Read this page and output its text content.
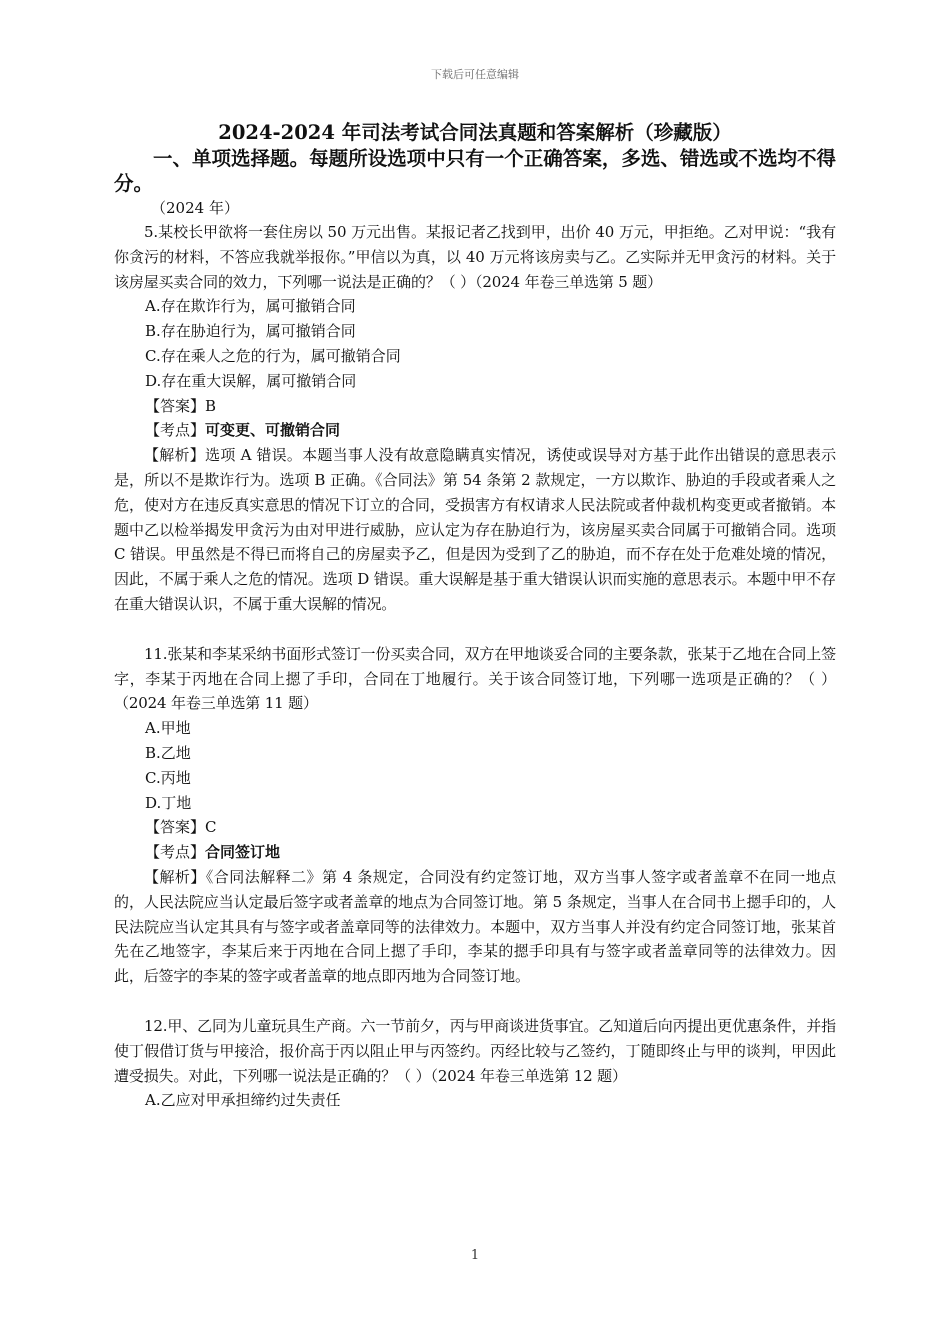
下载后可任意编辑

2024-2024 年司法考试合同法真题和答案解析（珍藏版）

一、单项选择题。每题所设选项中只有一个正确答案，多选、错选或不选均不得分。

（2024 年）

5.某校长甲欲将一套住房以 50 万元出售。某报记者乙找到甲，出价 40 万元，甲拒绝。乙对甲说：“我有你贪污的材料，不答应我就举报你。”甲信以为真，以 40 万元将该房卖与乙。乙实际并无甲贪污的材料。关于该房屋买卖合同的效力，下列哪一说法是正确的？（ ）（2024 年卷三单选第 5 题）

A.存在欺诈行为，属可撤销合同

B.存在胁迫行为，属可撤销合同

C.存在乘人之危的行为，属可撤销合同

D.存在重大误解，属可撤销合同

【答案】B

【考点】可变更、可撤销合同

【解析】选项 A 错误。本题当事人没有故意隐瞒真实情况，诱使或误导对方基于此作出错误的意思表示是，所以不是欺诈行为。选项 B 正确。《合同法》第 54 条第 2 款规定，一方以欺诈、胁迫的手段或者乘人之危，使对方在违反真实意思的情况下订立的合同，受损害方有权请求人民法院或者仲裁机构变更或者撤销。本题中乙以检举揭发甲贪污为由对甲进行威胁，应认定为存在胁迫行为，该房屋买卖合同属于可撤销合同。选项 C 错误。甲虽然是不得已而将自己的房屋卖予乙，但是因为受到了乙的胁迫，而不存在处于危难处境的情况，因此，不属于乘人之危的情况。选项 D 错误。重大误解是基于重大错误认识而实施的意思表示。本题中甲不存在重大错误认识，不属于重大误解的情况。

11.张某和李某采纳书面形式签订一份买卖合同，双方在甲地谈妥合同的主要条款，张某于乙地在合同上签字，李某于丙地在合同上摁了手印，合同在丁地履行。关于该合同签订地，下列哪一选项是正确的？（ ）（2024 年卷三单选第 11 题）

A.甲地

B.乙地

C.丙地

D.丁地

【答案】C

【考点】合同签订地

【解析】《合同法解释二》第 4 条规定，合同没有约定签订地，双方当事人签字或者盖章不在同一地点的，人民法院应当认定最后签字或者盖章的地点为合同签订地。第 5 条规定，当事人在合同书上摁手印的，人民法院应当认定其具有与签字或者盖章同等的法律效力。本题中，双方当事人并没有约定合同签订地，张某首先在乙地签字，李某后来于丙地在合同上摁了手印，李某的摁手印具有与签字或者盖章同等的法律效力。因此，后签字的李某的签字或者盖章的地点即丙地为合同签订地。

12.甲、乙同为儿童玩具生产商。六一节前夕，丙与甲商谈进货事宜。乙知道后向丙提出更优惠条件，并指使丁假借订货与甲接洽，报价高于丙以阻止甲与丙签约。丙经比较与乙签约，丁随即终止与甲的谈判，甲因此遭受损失。对此，下列哪一说法是正确的？（ ）（2024 年卷三单选第 12 题）

A.乙应对甲承担缔约过失责任

1
